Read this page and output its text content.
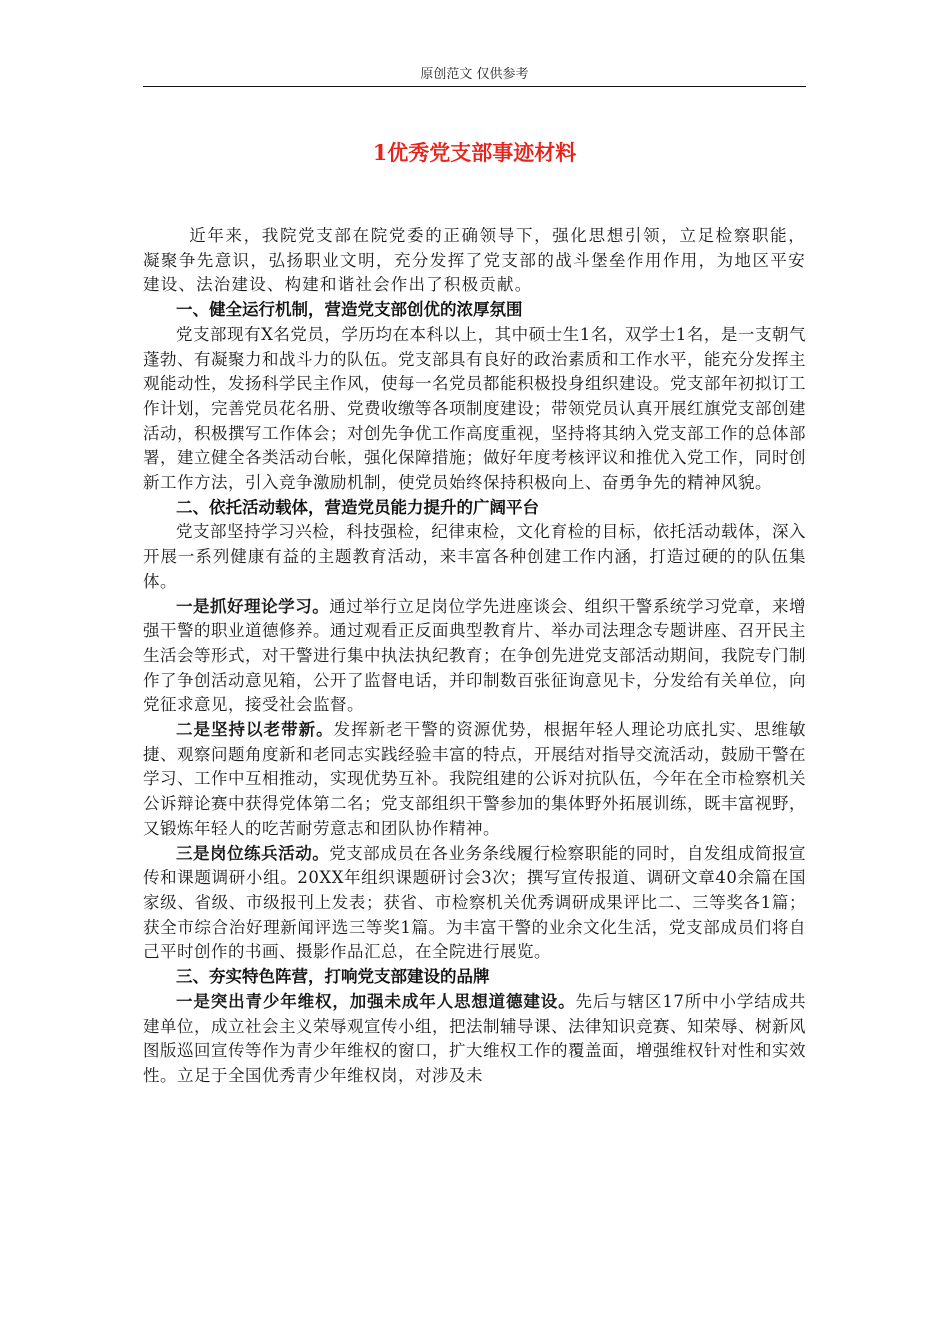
原创范文 仅供参考
1优秀党支部事迹材料

近年来，我院党支部在院党委的正确领导下，强化思想引领，立足检察职能，凝聚争先意识，弘扬职业文明，充分发挥了党支部的战斗堡垒作用作用，为地区平安建设、法治建设、构建和谐社会作出了积极贡献。

一、健全运行机制，营造党支部创优的浓厚氛围

党支部现有X名党员，学历均在本科以上，其中硕士生1名，双学士1名，是一支朝气蓬勃、有凝聚力和战斗力的队伍。党支部具有良好的政治素质和工作水平，能充分发挥主观能动性，发扬科学民主作风，使每一名党员都能积极投身组织建设。党支部年初拟订工作计划，完善党员花名册、党费收缴等各项制度建设；带领党员认真开展红旗党支部创建活动，积极撰写工作体会；对创先争优工作高度重视，坚持将其纳入党支部工作的总体部署，建立健全各类活动台帐，强化保障措施；做好年度考核评议和推优入党工作，同时创新工作方法，引入竞争激励机制，使党员始终保持积极向上、奋勇争先的精神风貌。

二、依托活动载体，营造党员能力提升的广阔平台

党支部坚持学习兴检，科技强检，纪律束检，文化育检的目标，依托活动载体，深入开展一系列健康有益的主题教育活动，来丰富各种创建工作内涵，打造过硬的的队伍集体。

一是抓好理论学习。通过举行立足岗位学先进座谈会、组织干警系统学习党章，来增强干警的职业道德修养。通过观看正反面典型教育片、举办司法理念专题讲座、召开民主生活会等形式，对干警进行集中执法执纪教育；在争创先进党支部活动期间，我院专门制作了争创活动意见箱，公开了监督电话，并印制数百张征询意见卡，分发给有关单位，向党征求意见，接受社会监督。

二是坚持以老带新。发挥新老干警的资源优势，根据年轻人理论功底扎实、思维敏捷、观察问题角度新和老同志实践经验丰富的特点，开展结对指导交流活动，鼓励干警在学习、工作中互相推动，实现优势互补。我院组建的公诉对抗队伍，今年在全市检察机关公诉辩论赛中获得党体第二名；党支部组织干警参加的集体野外拓展训练，既丰富视野，又锻炼年轻人的吃苦耐劳意志和团队协作精神。

三是岗位练兵活动。党支部成员在各业务条线履行检察职能的同时，自发组成简报宣传和课题调研小组。20XX年组织课题研讨会3次；撰写宣传报道、调研文章40余篇在国家级、省级、市级报刊上发表；获省、市检察机关优秀调研成果评比二、三等奖各1篇；获全市综合治好理新闻评选三等奖1篇。为丰富干警的业余文化生活，党支部成员们将自己平时创作的书画、摄影作品汇总，在全院进行展览。

三、夯实特色阵营，打响党支部建设的品牌

一是突出青少年维权，加强未成年人思想道德建设。先后与辖区17所中小学结成共建单位，成立社会主义荣辱观宣传小组，把法制辅导课、法律知识竞赛、知荣辱、树新风图版巡回宣传等作为青少年维权的窗口，扩大维权工作的覆盖面，增强维权针对性和实效性。立足于全国优秀青少年维权岗，对涉及未
